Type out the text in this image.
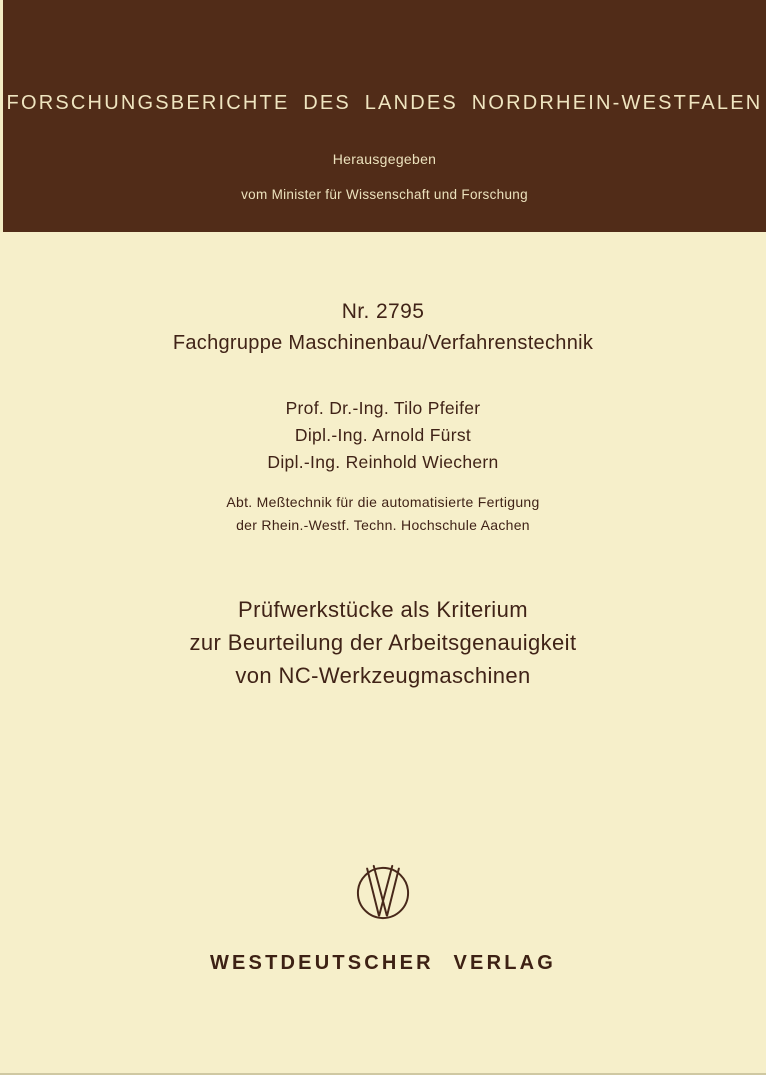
FORSCHUNGSBERICHTE DES LANDES NORDRHEIN-WESTFALEN
Herausgegeben
vom Minister für Wissenschaft und Forschung
Nr. 2795
Fachgruppe Maschinenbau/Verfahrenstechnik
Prof. Dr.-Ing. Tilo Pfeifer
Dipl.-Ing. Arnold Fürst
Dipl.-Ing. Reinhold Wiechern
Abt. Meßtechnik für die automatisierte Fertigung
der Rhein.-Westf. Techn. Hochschule Aachen
Prüfwerkstücke als Kriterium
zur Beurteilung der Arbeitsgenauigkeit
von NC-Werkzeugmaschinen
WESTDEUTSCHER VERLAG
